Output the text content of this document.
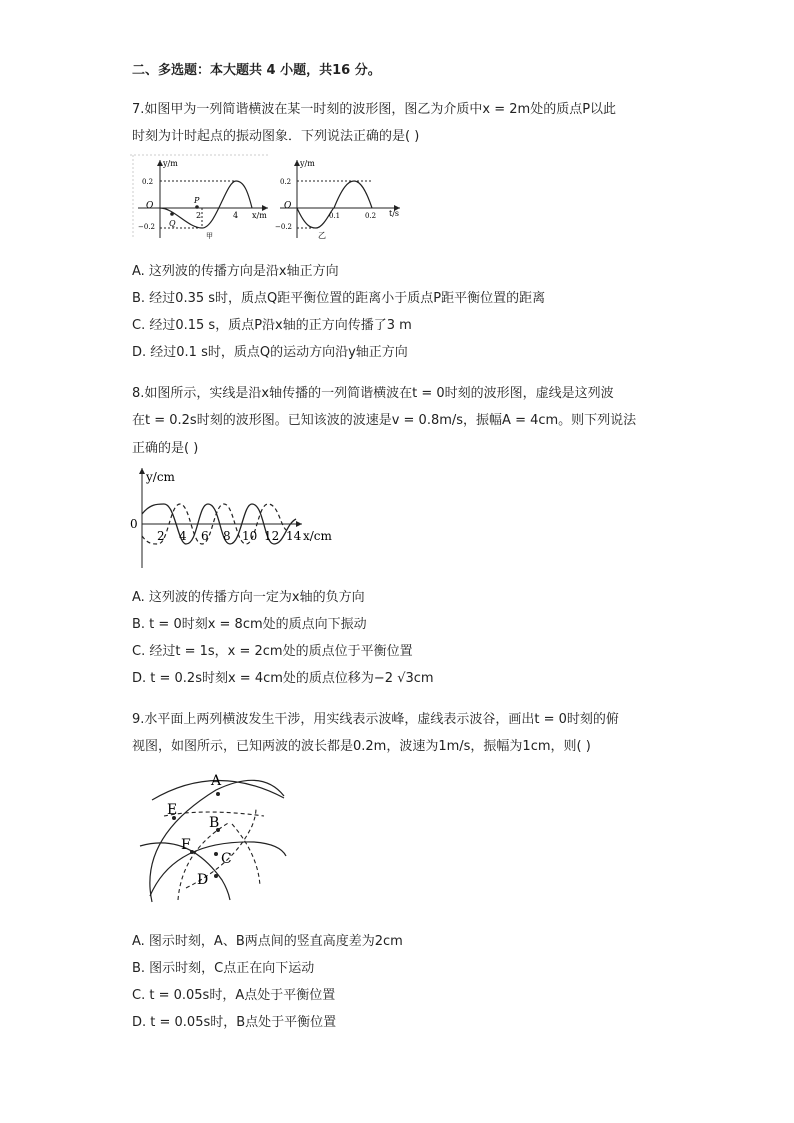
二、多选题：本大题共 4 小题，共16 分。
7.如图甲为一列简谐横波在某一时刻的波形图，图乙为介质中x = 2m处的质点P以此
时刻为计时起点的振动图象．下列说法正确的是( )
y/m
x/m
O
0.2
−0.2
P
Q
2	4
甲
y/m
t/s
O
0.2
−0.2
0.1	0.2
乙
A. 这列波的传播方向是沿x轴正方向
B. 经过0.35 s时，质点Q距平衡位置的距离小于质点P距平衡位置的距离
C. 经过0.15 s，质点P沿x轴的正方向传播了3 m
D. 经过0.1 s时，质点Q的运动方向沿y轴正方向
8.如图所示，实线是沿x轴传播的一列简谐横波在t = 0时刻的波形图，虚线是这列波
在t = 0.2s时刻的波形图。已知该波的波速是v = 0.8m/s，振幅A = 4cm。则下列说法
正确的是( )
y/cm
x/cm
0
2 4 6 8 10 12 14
A. 这列波的传播方向一定为x轴的负方向
B. t = 0时刻x = 8cm处的质点向下振动
C. 经过t = 1s，x = 2cm处的质点位于平衡位置
D. t = 0.2s时刻x = 4cm处的质点位移为−2 √3cm
9.水平面上两列横波发生干涉，用实线表示波峰，虚线表示波谷，画出t = 0时刻的俯
视图，如图所示，已知两波的波长都是0.2m，波速为1m/s，振幅为1cm，则( )
A
B
C
D
E
F
A. 图示时刻，A、B两点间的竖直高度差为2cm
B. 图示时刻，C点正在向下运动
C. t = 0.05s时，A点处于平衡位置
D. t = 0.05s时，B点处于平衡位置
